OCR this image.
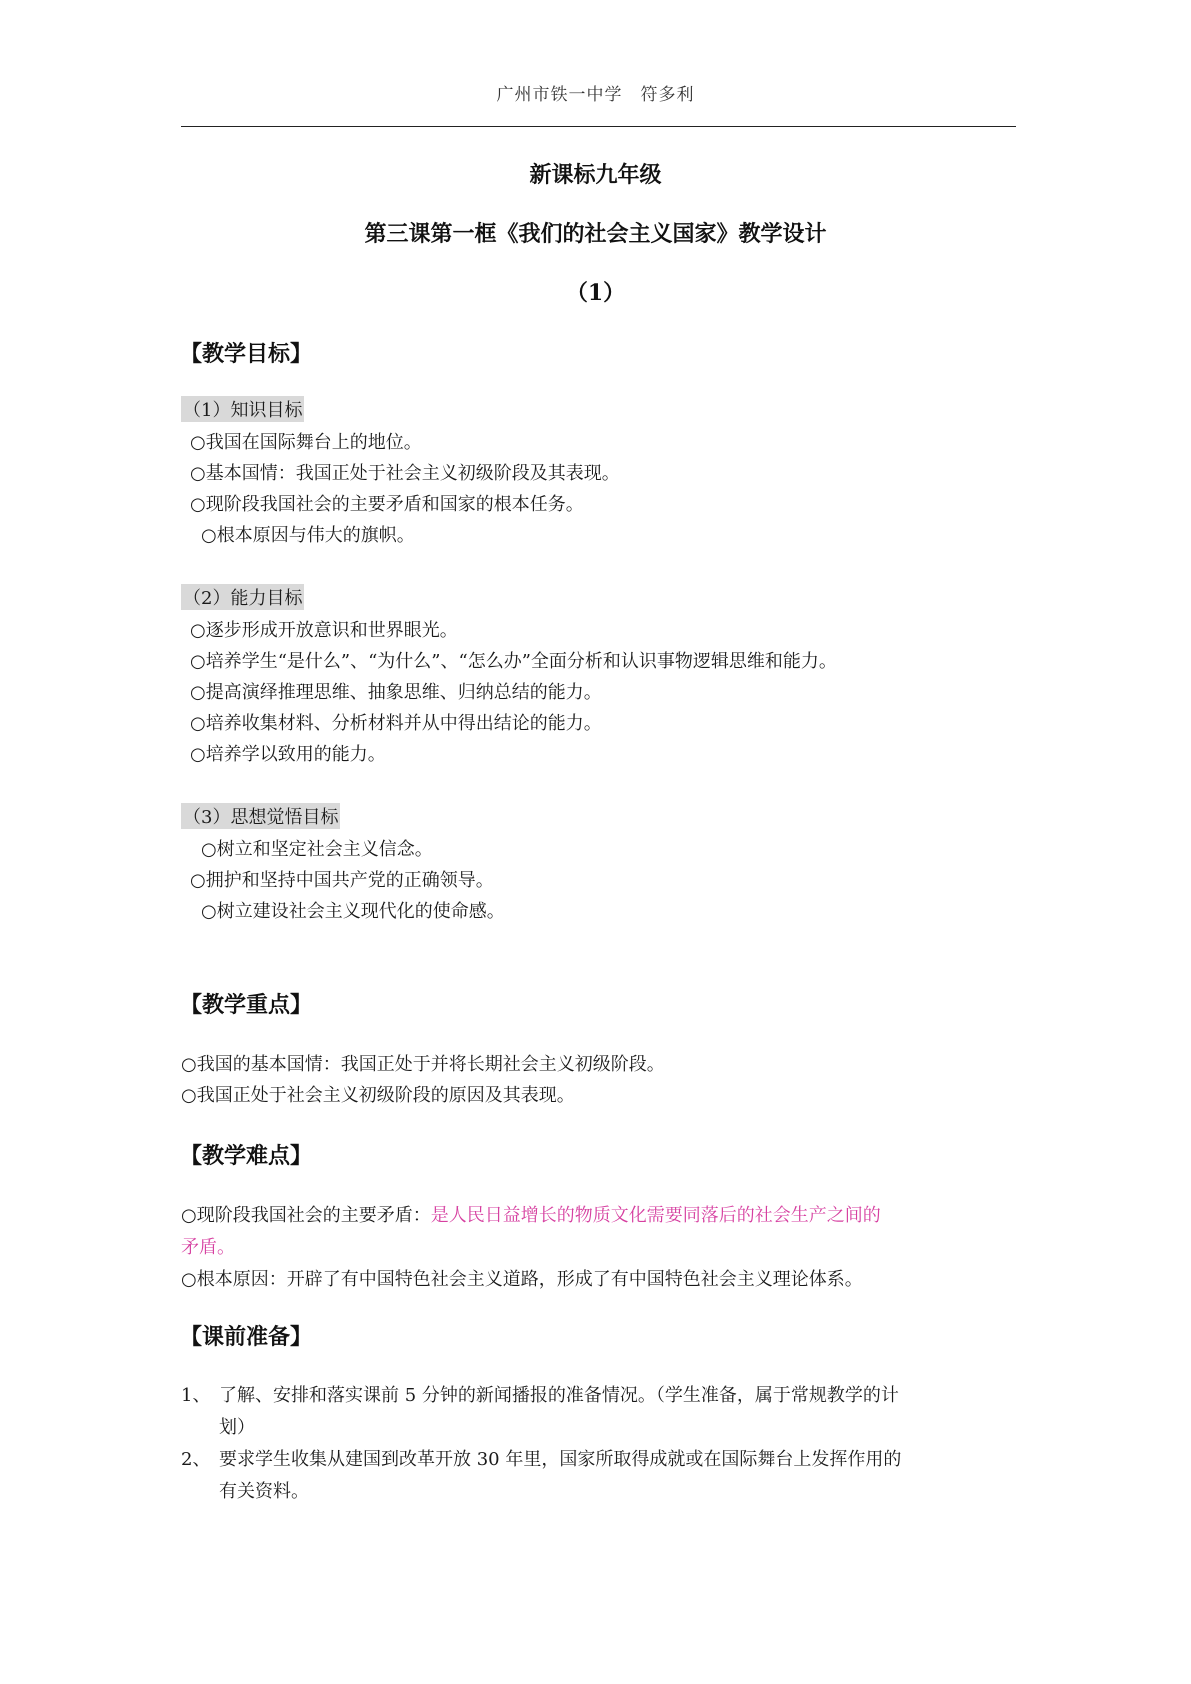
广州市铁一中学　符多利
新课标九年级
第三课第一框《我们的社会主义国家》教学设计
（1）
【教学目标】
（1）知识目标
○我国在国际舞台上的地位。
○基本国情：我国正处于社会主义初级阶段及其表现。
○现阶段我国社会的主要矛盾和国家的根本任务。
○根本原因与伟大的旗帜。
（2）能力目标
○逐步形成开放意识和世界眼光。
○培养学生“是什么”、“为什么”、“怎么办”全面分析和认识事物逻辑思维和能力。
○提高演绎推理思维、抽象思维、归纳总结的能力。
○培养收集材料、分析材料并从中得出结论的能力。
○培养学以致用的能力。
（3）思想觉悟目标
○树立和坚定社会主义信念。
○拥护和坚持中国共产党的正确领导。
○树立建设社会主义现代化的使命感。
【教学重点】
○我国的基本国情：我国正处于并将长期社会主义初级阶段。
○我国正处于社会主义初级阶段的原因及其表现。
【教学难点】
○现阶段我国社会的主要矛盾：是人民日益增长的物质文化需要同落后的社会生产之间的
矛盾。
○根本原因：开辟了有中国特色社会主义道路，形成了有中国特色社会主义理论体系。
【课前准备】
1、 了解、安排和落实课前 5 分钟的新闻播报的准备情况。（学生准备，属于常规教学的计
划）
2、 要求学生收集从建国到改革开放 30 年里，国家所取得成就或在国际舞台上发挥作用的
有关资料。
